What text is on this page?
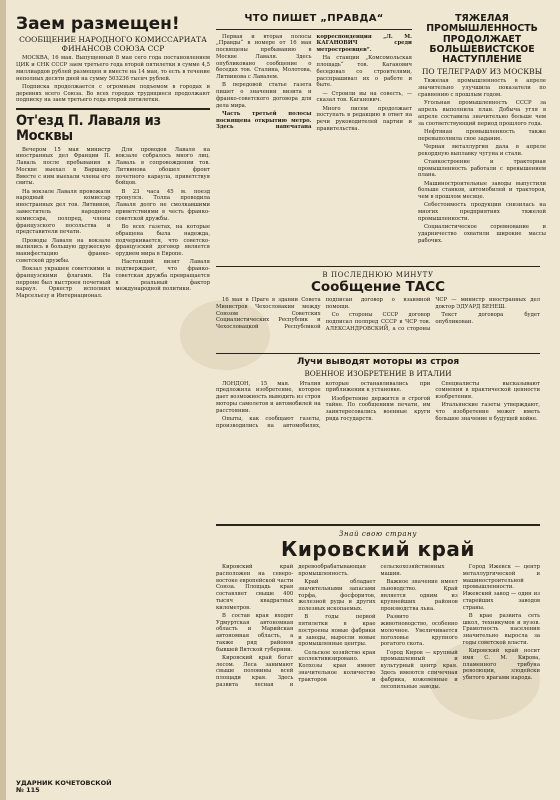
Заем размещен!
СООБЩЕНИЕ НАРОДНОГО КОМИССАРИАТА ФИНАНСОВ СОЮЗА ССР

МОСКВА, 16 мая. Выпущенный 8 мая сего года постановлением ЦИК и СНК СССР заем третьего года второй пятилетки в сумме 4,5 миллиардов рублей размещен и вместе на 14 мая, то есть в течение неполных десяти дней на сумму 503236 тысяч рублей.

Подписка продолжается с огромным подъемом в городах и деревнях всего Союза. Во всех городах трудящиеся продолжают подписку на заем третьего года второй пятилетки.

От'езд П. Лаваля из Москвы

Вечером 15 мая министр иностранных дел Франции П. Лаваль после пребывания в Москве выехал в Варшаву. Вместе с ним выехали члены его свиты.

На вокзале Лаваля провожали народный комиссар иностранных дел тов. Литвинов, заместитель народного комиссара, полпред, члены французского посольства и представители печати.

Проводы Лаваля на вокзале вылились в большую дружескую манифестацию франко-советской дружбы.

Вокзал украшен советскими и французскими флагами. На перроне был выстроен почетный караул. Оркестр исполнил Марсельезу и Интернационал.

Для проводов Лаваля на вокзале собралось много лиц. Лаваль в сопровождении тов. Литвинова обошел фронт почетного караула, приветствуя бойцов.

В 23 часа 45 м. поезд тронулся. Толпа проводила Лаваля долго не смолкавшими приветствиями в честь франко-советской дружбы.

Во всех газетах, на которые обращена была надежда, подчеркивается, что советско-французский договор является орудием мира в Европе.

Настоящий визит Лаваля подтверждает, что франко-советская дружба превращается в реальный фактор международной политики.

ЧТО ПИШЕТ „ПРАВДА“

Первая и вторая полосы „Правды“ в номере от 16 мая посвящены пребыванию в Москве Лаваля. Здесь опубликовано сообщение о беседах тов. Сталина, Молотова, Литвинова с Лавалем.

В передовой статье газета пишет о значении визита и франко-советского договора для дела мира.

Часть третьей полосы посвящена открытию метро. Здесь напечатана корреспонденция „Л. М. КАГАНОВИЧ среди метростроевцев“.

На станции „Комсомольская площадь“ тов. Каганович беседовал со строителями, расспрашивал их о работе и быте.

— Строили вы на совесть, — сказал тов. Каганович.

Много писем продолжает поступать в редакцию в ответ на речи руководителей партии и правительства.

ТЯЖЕЛАЯ ПРОМЫШЛЕННОСТЬ ПРОДОЛЖАЕТ БОЛЬШЕВИСТСКОЕ НАСТУПЛЕНИЕ
ПО ТЕЛЕГРАФУ ИЗ МОСКВЫ

Тяжелая промышленность в апреле значительно улучшила показатели по сравнению с прошлым годом.

Угольная промышленность СССР за апрель выполнила план. Добыча угля в апреле составила значительно больше чем за соответствующий период прошлого года.

Нефтяная промышленность также перевыполнила свое задание.

Черная металлургия дала в апреле рекордную выплавку чугуна и стали.

Станкостроение и тракторная промышленность работали с превышением плана.

Машиностроительные заводы выпустили больше станков, автомобилей и тракторов, чем в прошлом месяце.

Себестоимость продукции снизилась на многих предприятиях тяжелой промышленности.

Социалистическое соревнование и ударничество охватили широкие массы рабочих.

В ПОСЛЕДНЮЮ МИНУТУ
Сообщение ТАСС

16 мая в Праге в здании Совета Министров Чехословакии между Союзом Советских Социалистических Республик и Чехословацкой Республикой подписан договор о взаимной помощи.

Со стороны СССР договор подписал полпред СССР в ЧСР тов. АЛЕКСАНДРОВСКИЙ, а со стороны ЧСР — министр иностранных дел доктор ЭДУАРД БЕНЕШ.

Текст договора будет опубликован.

Лучи выводят моторы из строя
ВОЕННОЕ ИЗОБРЕТЕНИЕ В ИТАЛИИ

ЛОНДОН, 15 мая. Италия предложила изобретение, которое дает возможность выводить из строя моторы самолетов и автомобилей на расстоянии.

Опыты, как сообщают газеты, производились на автомобилях, которые останавливались при приближении к установке.

Изобретение держится в строгой тайне. По сообщениям печати, им заинтересовались военные круги ряда государств.

Специалисты высказывают сомнения в практической ценности изобретения.

Итальянские газеты утверждают, что изобретение может иметь большое значение в будущей войне.

Знай свою страну
Кировский край

Кировский край расположен на северо-востоке европейской части Союза. Площадь края составляет свыше 400 тысяч квадратных километров.

В состав края входят Удмуртская автономная область и Марийская автономная область, а также ряд районов бывшей Вятской губернии.

Кировский край богат лесом. Леса занимают свыше половины всей площади края. Здесь развита лесная и деревообрабатывающая промышленность.

Край обладает значительными запасами торфа, фосфоритов, железной руды и других полезных ископаемых.

В годы первой пятилетки в крае построены новые фабрики и заводы, выросли новые промышленные центры.

Сельское хозяйство края коллективизировано. Колхозы края имеют значительное количество тракторов и сельскохозяйственных машин.

Важное значение имеет льноводство. Край является одним из крупнейших районов производства льна.

Развито животноводство, особенно молочное. Увеличивается поголовье крупного рогатого скота.

Город Киров — крупный промышленный и культурный центр края. Здесь имеются спичечная фабрика, кожевенные и лесопильные заводы.

Город Ижевск — центр металлургической и машиностроительной промышленности. Ижевский завод — один из старейших заводов страны.

В крае развита сеть школ, техникумов и вузов. Грамотность населения значительно выросла за годы советской власти.

Кировский край носит имя С. М. Кирова, пламенного трибуна революции, злодейски убитого врагами народа.

УДАРНИК КОЧЕТОВСКОЙ
№ 115
